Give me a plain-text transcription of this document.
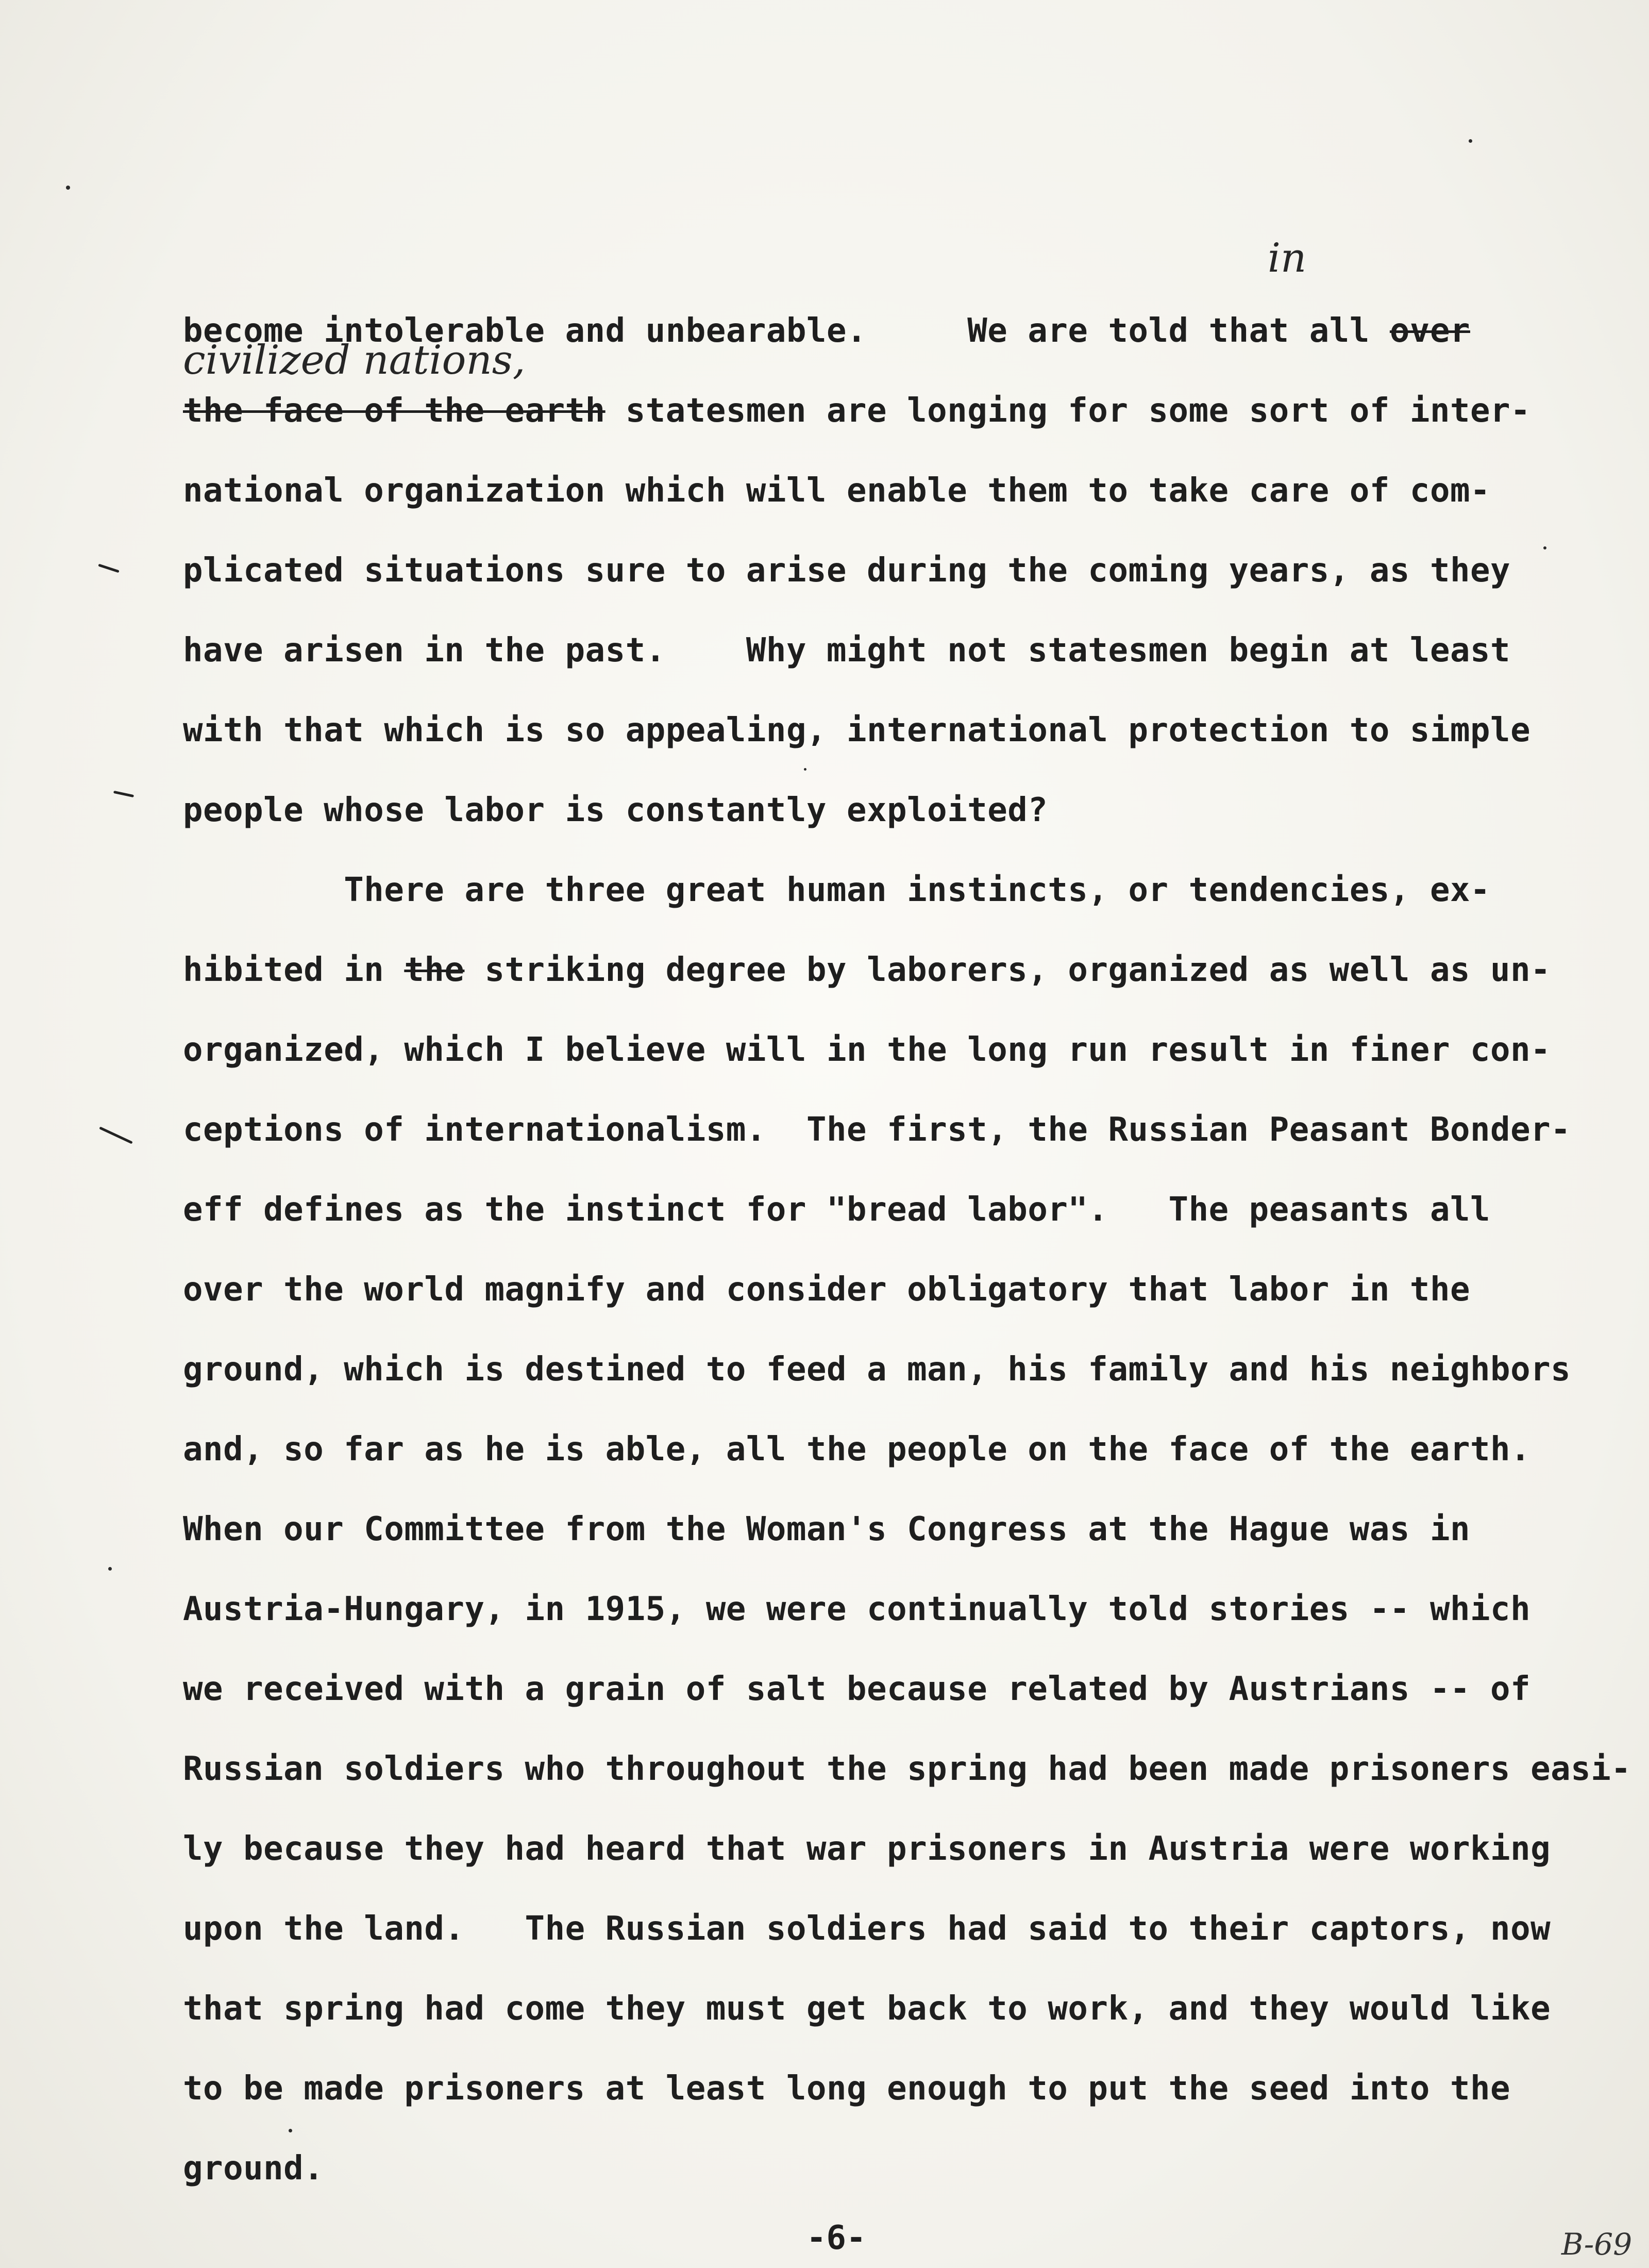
in
civilized nations,
become intolerable and unbearable.     We are told that all over
the face of the earth statesmen are longing for some sort of inter-
national organization which will enable them to take care of com-
plicated situations sure to arise during the coming years, as they
have arisen in the past.    Why might not statesmen begin at least
with that which is so appealing, international protection to simple
people whose labor is constantly exploited?
There are three great human instincts, or tendencies, ex-
hibited in the striking degree by laborers, organized as well as un-
organized, which I believe will in the long run result in finer con-
ceptions of internationalism.  The first, the Russian Peasant Bonder-
eff defines as the instinct for "bread labor".   The peasants all
over the world magnify and consider obligatory that labor in the
ground, which is destined to feed a man, his family and his neighbors
and, so far as he is able, all the people on the face of the earth.
When our Committee from the Woman's Congress at the Hague was in
Austria-Hungary, in 1915, we were continually told stories -- which
we received with a grain of salt because related by Austrians -- of
Russian soldiers who throughout the spring had been made prisoners easi-
ly because they had heard that war prisoners in Austria were working
upon the land.   The Russian soldiers had said to their captors, now
that spring had come they must get back to work, and they would like
to be made prisoners at least long enough to put the seed into the
ground.
-6-	B-69
